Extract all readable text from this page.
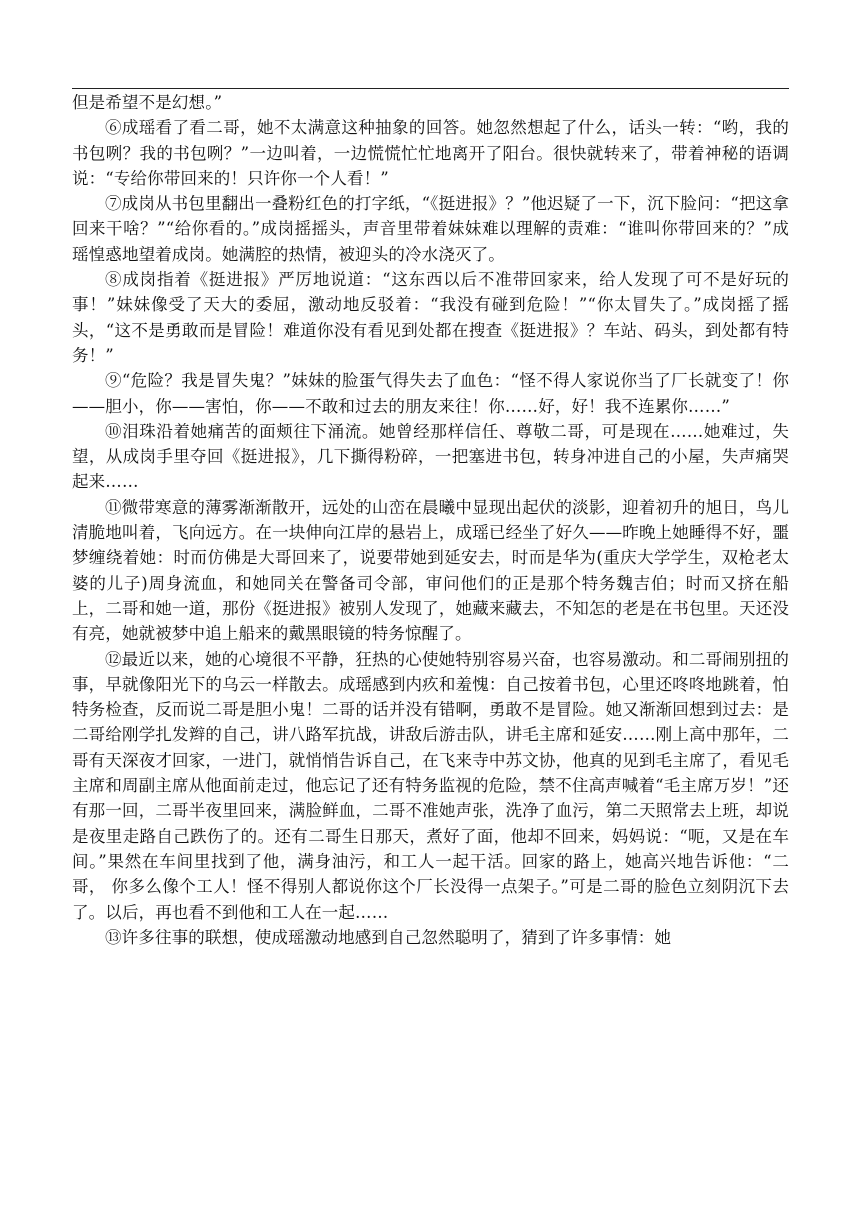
但是希望不是幻想。”

⑥成瑶看了看二哥，她不太满意这种抽象的回答。她忽然想起了什么，话头一转：“哟，我的书包咧？我的书包咧？”一边叫着，一边慌慌忙忙地离开了阳台。很快就转来了，带着神秘的语调说：“专给你带回来的！只许你一个人看！”

⑦成岗从书包里翻出一叠粉红色的打字纸，“《挺进报》？”他迟疑了一下，沉下脸问：“把这拿回来干啥？”“给你看的。”成岗摇摇头，声音里带着妹妹难以理解的责难：“谁叫你带回来的？”成瑶惶惑地望着成岗。她满腔的热情，被迎头的冷水浇灭了。

⑧成岗指着《挺进报》严厉地说道：“这东西以后不准带回家来，给人发现了可不是好玩的事！”妹妹像受了天大的委屈，激动地反驳着：“我没有碰到危险！”“你太冒失了。”成岗摇了摇头，“这不是勇敢而是冒险！难道你没有看见到处都在搜查《挺进报》？车站、码头，到处都有特务！”

⑨“危险？我是冒失鬼？”妹妹的脸蛋气得失去了血色：“怪不得人家说你当了厂长就变了！你——胆小，你——害怕，你——不敢和过去的朋友来往！你……好，好！我不连累你……”

⑩泪珠沿着她痛苦的面颊往下涌流。她曾经那样信任、尊敬二哥，可是现在……她难过，失望，从成岗手里夺回《挺进报》，几下撕得粉碎，一把塞进书包，转身冲进自己的小屋，失声痛哭起来……

⑪微带寒意的薄雾渐渐散开，远处的山峦在晨曦中显现出起伏的淡影，迎着初升的旭日，鸟儿清脆地叫着，飞向远方。在一块伸向江岸的悬岩上，成瑶已经坐了好久——昨晚上她睡得不好，噩梦缠绕着她：时而仿佛是大哥回来了，说要带她到延安去，时而是华为(重庆大学学生，双枪老太婆的儿子)周身流血，和她同关在警备司令部，审问他们的正是那个特务魏吉伯；时而又挤在船上，二哥和她一道，那份《挺进报》被别人发现了，她藏来藏去，不知怎的老是在书包里。天还没有亮，她就被梦中追上船来的戴黑眼镜的特务惊醒了。

⑫最近以来，她的心境很不平静，狂热的心使她特别容易兴奋，也容易激动。和二哥闹别扭的事，早就像阳光下的乌云一样散去。成瑶感到内疚和羞愧：自己按着书包，心里还咚咚地跳着，怕特务检查，反而说二哥是胆小鬼！二哥的话并没有错啊，勇敢不是冒险。她又渐渐回想到过去：是二哥给刚学扎发辫的自己，讲八路军抗战，讲敌后游击队，讲毛主席和延安……刚上高中那年，二哥有天深夜才回家，一进门，就悄悄告诉自己，在飞来寺中苏文协，他真的见到毛主席了，看见毛主席和周副主席从他面前走过，他忘记了还有特务监视的危险，禁不住高声喊着“毛主席万岁！”还有那一回，二哥半夜里回来，满脸鲜血，二哥不准她声张，洗净了血污，第二天照常去上班，却说是夜里走路自己跌伤了的。还有二哥生日那天，煮好了面，他却不回来，妈妈说：“呃，又是在车间。”果然在车间里找到了他，满身油污，和工人一起干活。回家的路上，她高兴地告诉他：“二哥， 你多么像个工人！怪不得别人都说你这个厂长没得一点架子。”可是二哥的脸色立刻阴沉下去了。以后，再也看不到他和工人在一起……

⑬许多往事的联想，使成瑶激动地感到自己忽然聪明了，猜到了许多事情：她
